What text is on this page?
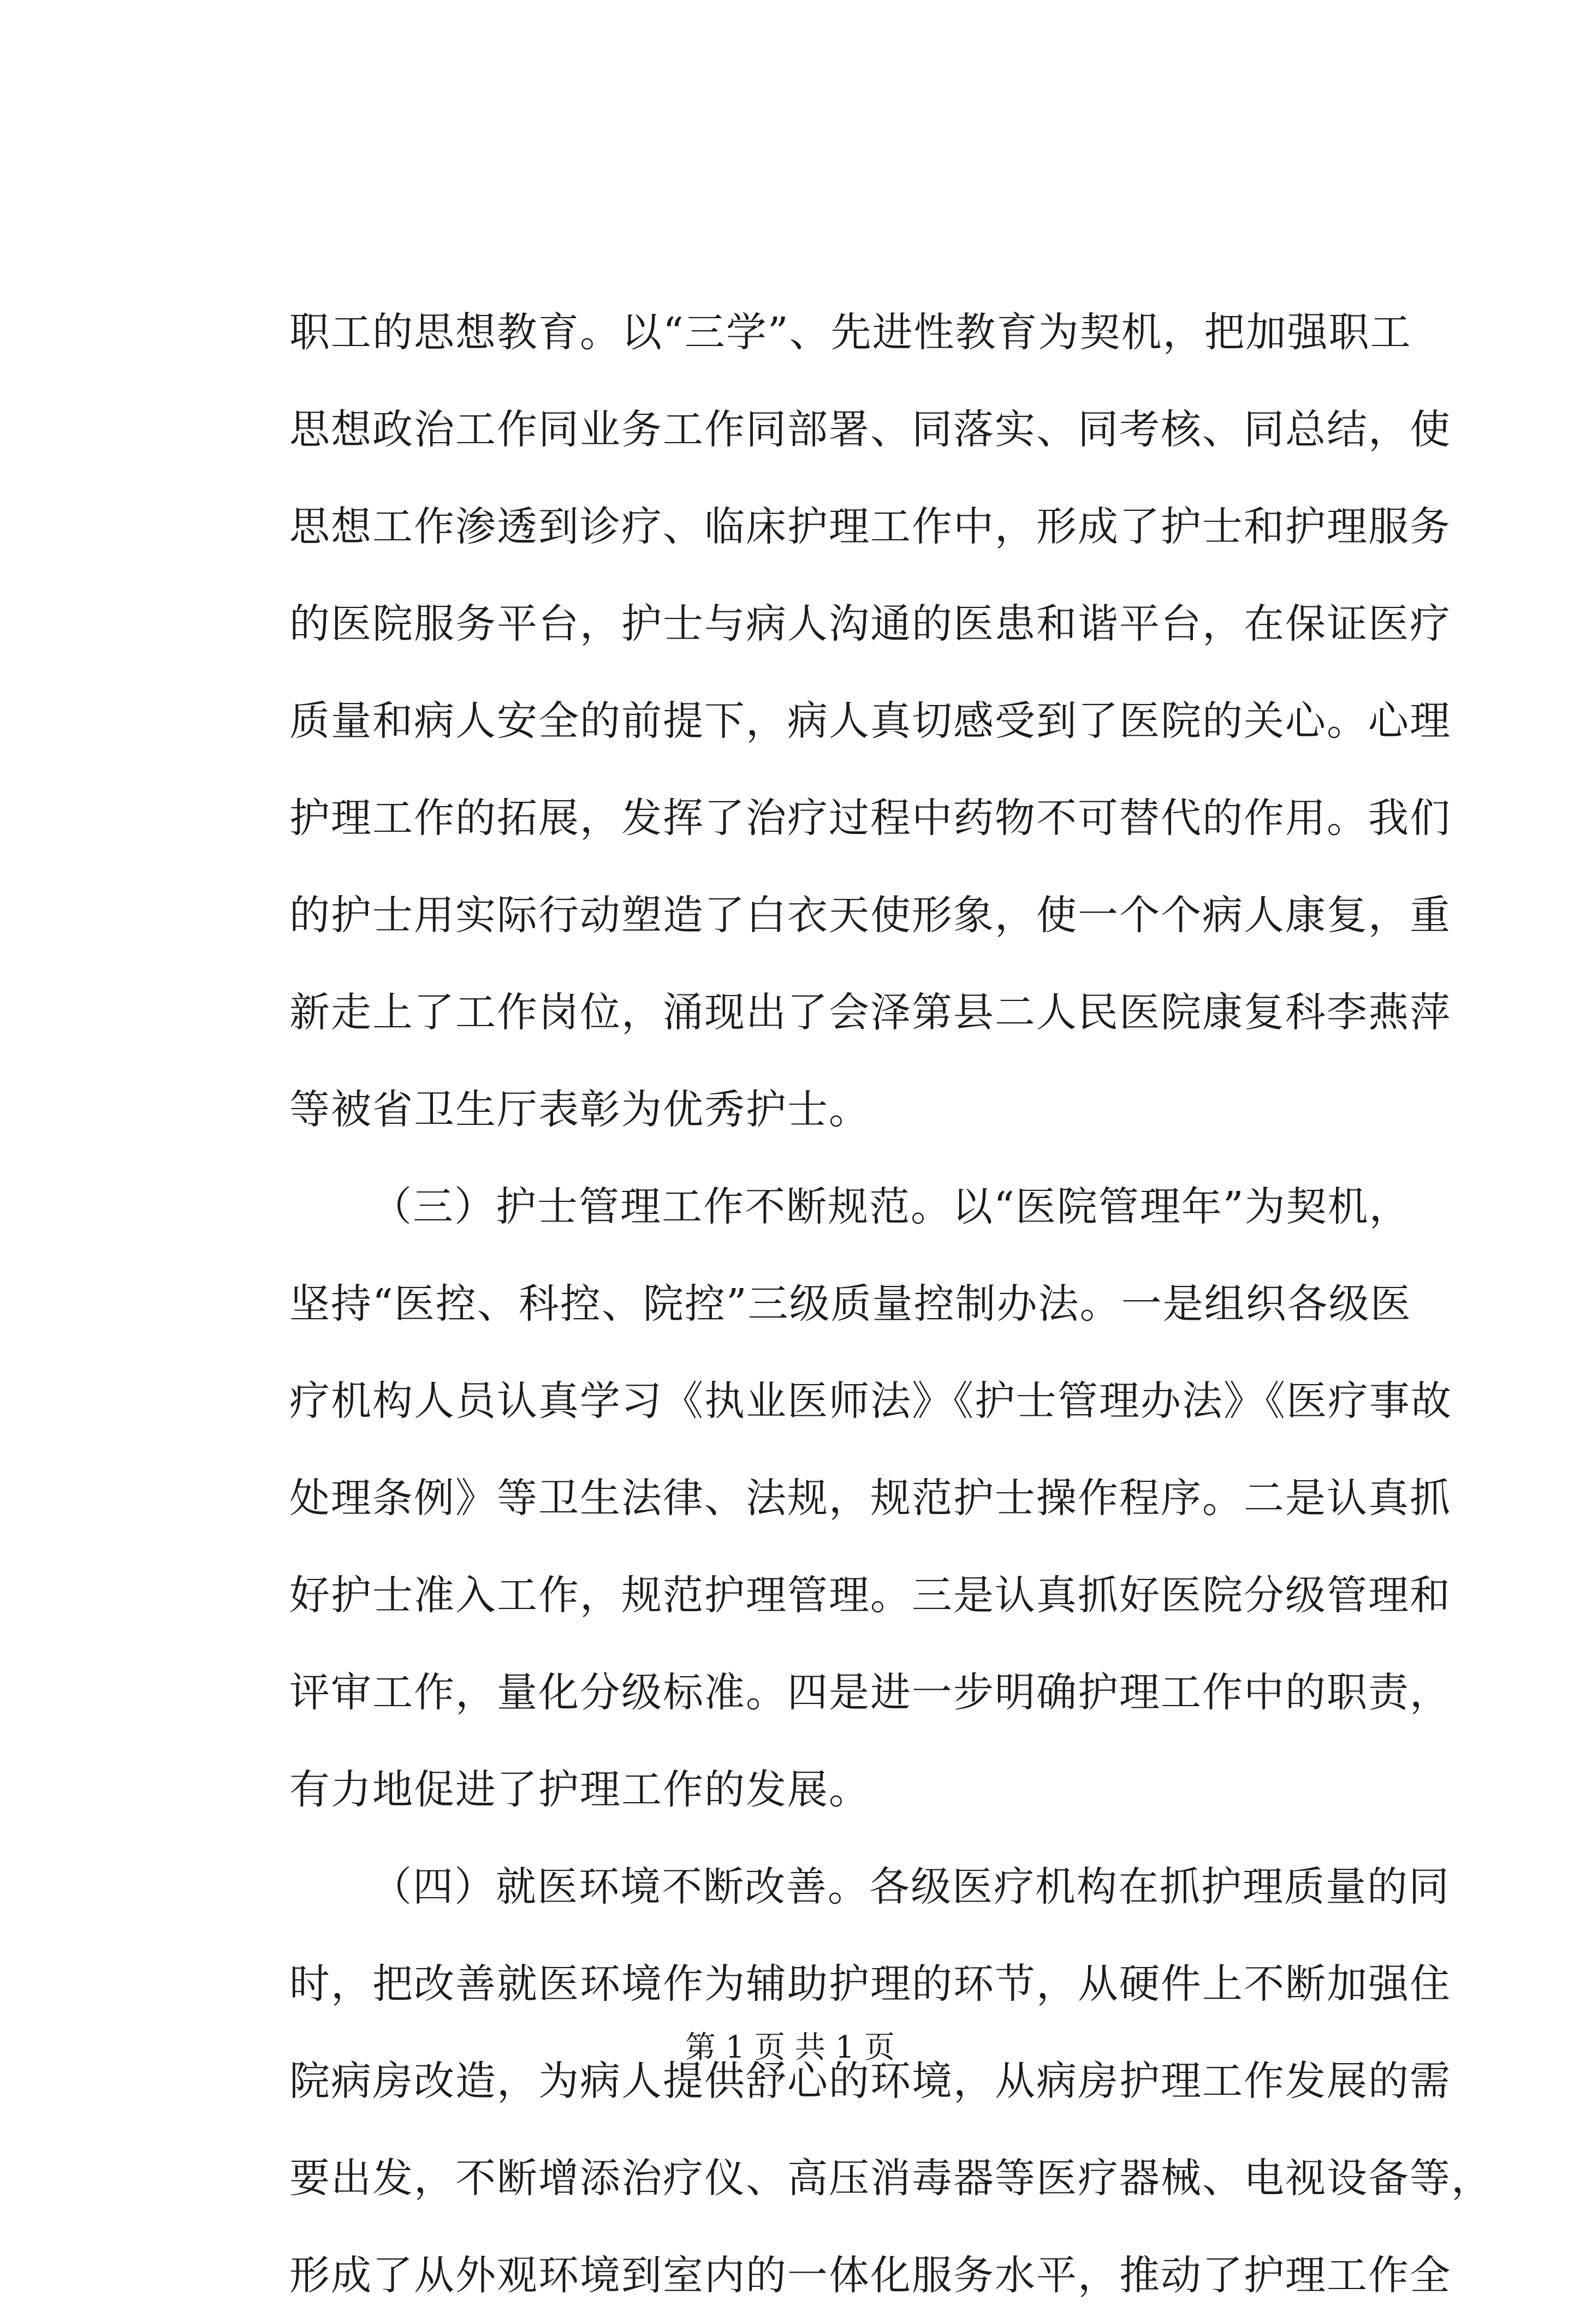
职工的思想教育。以“三学”、先进性教育为契机，把加强职工
思想政治工作同业务工作同部署、同落实、同考核、同总结，使
思想工作渗透到诊疗、临床护理工作中，形成了护士和护理服务
的医院服务平台，护士与病人沟通的医患和谐平台，在保证医疗
质量和病人安全的前提下，病人真切感受到了医院的关心。心理
护理工作的拓展，发挥了治疗过程中药物不可替代的作用。我们
的护士用实际行动塑造了白衣天使形象，使一个个病人康复，重
新走上了工作岗位，涌现出了会泽第县二人民医院康复科李燕萍
等被省卫生厅表彰为优秀护士。
（三）护士管理工作不断规范。以“医院管理年”为契机，
坚持“医控、科控、院控”三级质量控制办法。一是组织各级医
疗机构人员认真学习《执业医师法》《护士管理办法》《医疗事故
处理条例》等卫生法律、法规，规范护士操作程序。二是认真抓
好护士准入工作，规范护理管理。三是认真抓好医院分级管理和
评审工作，量化分级标准。四是进一步明确护理工作中的职责，
有力地促进了护理工作的发展。
（四）就医环境不断改善。各级医疗机构在抓护理质量的同
时，把改善就医环境作为辅助护理的环节，从硬件上不断加强住
院病房改造，为病人提供舒心的环境，从病房护理工作发展的需
要出发，不断增添治疗仪、高压消毒器等医疗器械、电视设备等，
形成了从外观环境到室内的一体化服务水平，推动了护理工作全
第 1 页 共 1 页
